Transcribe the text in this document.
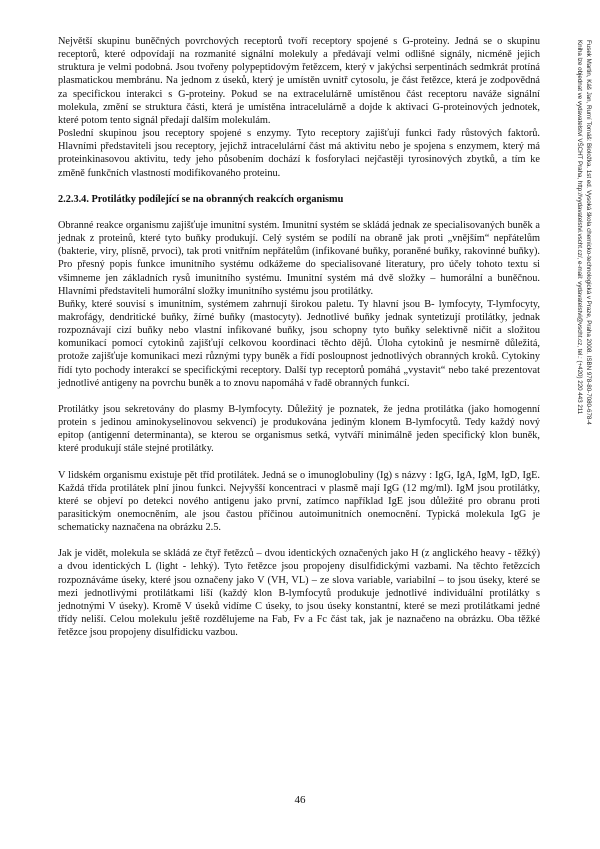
Největší skupinu buněčných povrchových receptorů tvoří receptory spojené s G-proteiny. Jedná se o skupinu receptorů, které odpovídají na rozmanité signální molekuly a předávají velmi odlišné signály, nicméně jejich struktura je velmi podobná. Jsou tvořeny polypeptidovým řetězcem, který v jakýchsi serpentinách sedmkrát protíná plasmatickou membránu. Na jednom z úseků, který je umístěn uvnitř cytosolu, je část řetězce, která je zodpovědná za specifickou interakci s G-proteiny. Pokud se na extracelulárně umístěnou část receptoru naváže signální molekula, změní se struktura části, která je umístěna intracelulárně a dojde k aktivaci G-proteinových jednotek, které potom tento signál předají dalším molekulám.

Poslední skupinou jsou receptory spojené s enzymy. Tyto receptory zajišťují funkci řady růstových faktorů. Hlavními představiteli jsou receptory, jejichž intracelulární část má aktivitu nebo je spojena s enzymem, který má proteinkinasovou aktivitu, tedy jeho působením dochází k fosforylaci nejčastěji tyrosinových zbytků, a tím ke změně funkčních vlastností modifikovaného proteinu.

2.2.3.4. Protilátky podílející se na obranných reakcích organismu

Obranné reakce organismu zajišťuje imunitní systém. Imunitní systém se skládá jednak ze specialisovaných buněk a jednak z proteinů, které tyto buňky produkují. Celý systém se podílí na obraně jak proti „vnějším“ nepřátelům (bakterie, viry, plísně, prvoci), tak proti vnitřním nepřátelům (infikované buňky, poraněné buňky, rakovinné buňky). Pro přesný popis funkce imunitního systému odkážeme do specialisované literatury, pro účely tohoto textu si všimneme jen základních rysů imunitního systému. Imunitní systém má dvě složky – humorální a buněčnou. Hlavními představiteli humorální složky imunitního systému jsou protilátky.

Buňky, které souvisí s imunitním, systémem zahrnují širokou paletu. Ty hlavní jsou B- lymfocyty, T-lymfocyty, makrofágy, dendritické buňky, žírné buňky (mastocyty). Jednotlivé buňky jednak syntetizují protilátky, jednak rozpoznávají cizí buňky nebo vlastní infikované buňky, jsou schopny tyto buňky selektivně ničit a složitou komunikací pomocí cytokinů zajišťují celkovou koordinaci těchto dějů. Úloha cytokinů je nesmírně důležitá, protože zajišťuje komunikaci mezi různými typy buněk a řídí posloupnost jednotlivých obranných kroků. Cytokiny řídí tyto pochody interakcí se specifickými receptory. Další typ receptorů pomáhá „vystavit“ nebo také prezentovat jednotlivé antigeny na povrchu buněk a to znovu napomáhá v řadě obranných funkcí.

Protilátky jsou sekretovány do plasmy B-lymfocyty. Důležitý je poznatek, že jedna protilátka (jako homogenní protein s jedinou aminokyselinovou sekvencí) je produkována jediným klonem B-lymfocytů. Tedy každý nový epitop (antigenní determinanta), se kterou se organismus setká, vytváří minimálně jeden specifický klon buněk, které produkují stále stejné protilátky.

V lidském organismu existuje pět tříd protilátek. Jedná se o imunoglobuliny (Ig) s názvy : IgG, IgA, IgM, IgD, IgE. Každá třída protilátek plní jinou funkci. Nejvyšší koncentraci v plasmě mají IgG (12 mg/ml). IgM jsou protilátky, které se objeví po detekci nového antigenu jako první, zatímco například IgE jsou důležité pro obranu proti parasitickým onemocněním, ale jsou častou příčinou autoimunitních onemocnění. Typická molekula IgG je schematicky naznačena na obrázku 2.5.

Jak je vidět, molekula se skládá ze čtyř řetězců – dvou identických označených jako H (z anglického heavy - těžký) a dvou identických L (light - lehký). Tyto řetězce jsou propojeny disulfidickými vazbami. Na těchto řetězcích rozpoznáváme úseky, které jsou označeny jako V (VH, VL) – ze slova variable, variabilní – to jsou úseky, které se mezi jednotlivými protilátkami liší (každý klon B-lymfocytů produkuje jednotlivé individuální protilátky s jednotnými V úseky). Kromě V úseků vidíme C úseky, to jsou úseky konstantní, které se mezi protilátkami jedné třídy neliší. Celou molekulu ještě rozdělujeme na Fab, Fv a Fc část tak, jak je naznačeno na obrázku. Oba těžké řetězce jsou propojeny disulfidicku vazbou.

46
Fusek Martin, Káš Jan, Rumí Tomáš: Bioložka. 1st ed. Vysoká škola chemicko-technologická v Praze, Praha 2008. ISBN 978-80-7080-678-4
Kniha lze objednat ve vydavatelství VŠCHT Praha, http://vydavatelstvi.vscht.cz/, e-mail: vydavatelstvi@vscht.cz, tel.: (+420) 220 443 211
